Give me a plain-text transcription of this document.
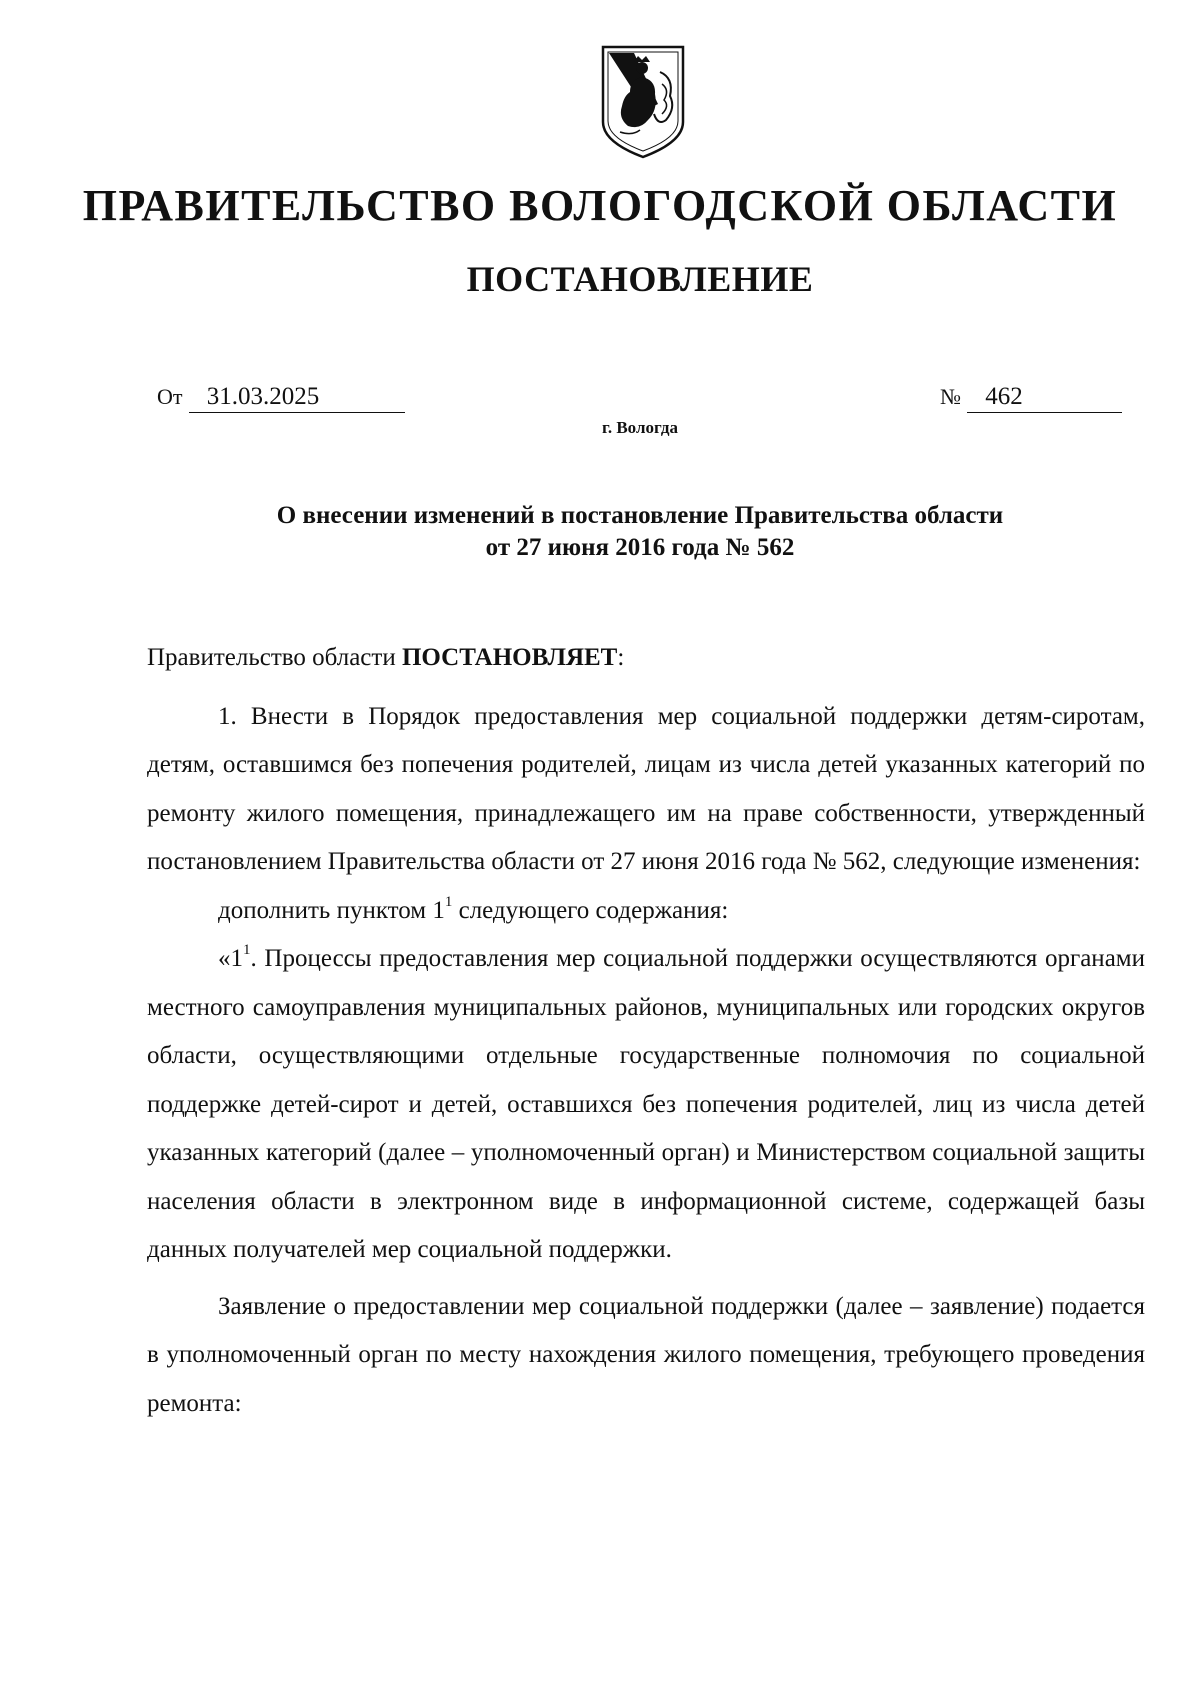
ПРАВИТЕЛЬСТВО ВОЛОГОДСКОЙ ОБЛАСТИ
ПОСТАНОВЛЕНИЕ
От 31.03.2025	№ 462
г. Вологда
О внесении изменений в постановление Правительства области
от 27 июня 2016 года № 562

Правительство области ПОСТАНОВЛЯЕТ:

1. Внести в Порядок предоставления мер социальной поддержки детям-сиротам, детям, оставшимся без попечения родителей, лицам из числа детей указанных категорий по ремонту жилого помещения, принадлежащего им на праве собственности, утвержденный постановлением Правительства области от 27 июня 2016 года № 562, следующие изменения:

дополнить пунктом $1^1$ следующего содержания:

«$1^1$. Процессы предоставления мер социальной поддержки осуществляются органами местного самоуправления муниципальных районов, муниципальных или городских округов области, осуществляющими отдельные государственные полномочия по социальной поддержке детей-сирот и детей, оставшихся без попечения родителей, лиц из числа детей указанных категорий (далее – уполномоченный орган) и Министерством социальной защиты населения области в электронном виде в информационной системе, содержащей базы данных получателей мер социальной поддержки.

Заявление о предоставлении мер социальной поддержки (далее – заявление) подается в уполномоченный орган по месту нахождения жилого помещения, требующего проведения ремонта:
